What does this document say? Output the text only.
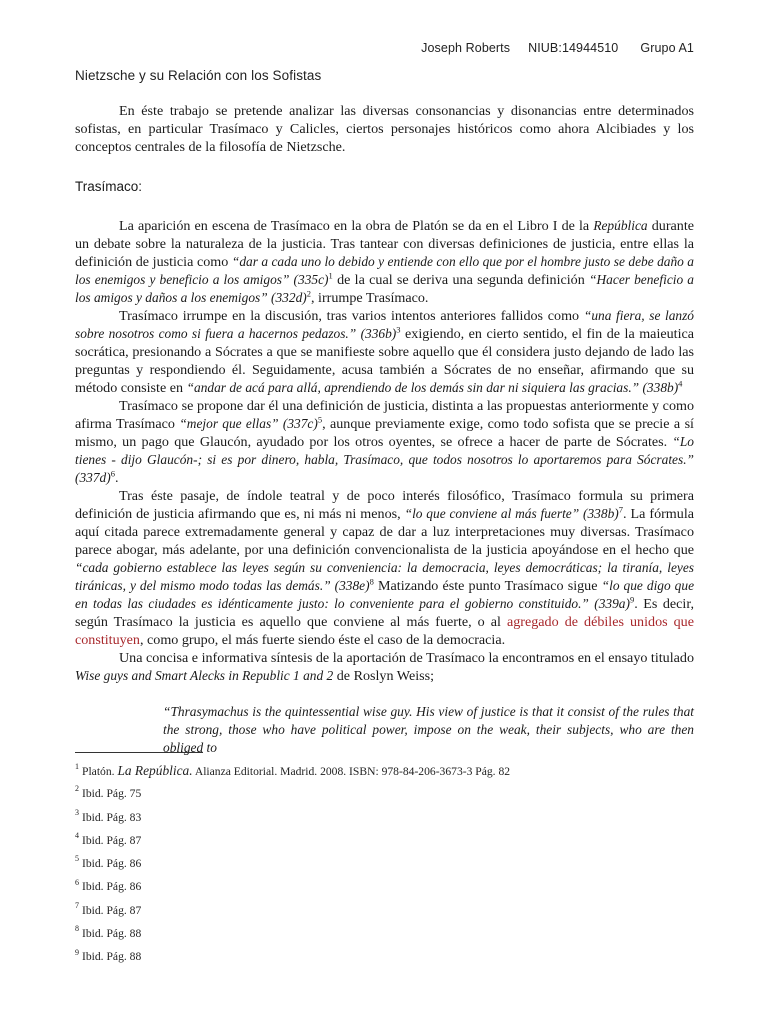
Joseph Roberts NIUB:14944510 Grupo A1
Nietzsche y su Relación con los Sofistas

En éste trabajo se pretende analizar las diversas consonancias y disonancias entre determinados sofistas, en particular Trasímaco y Calicles, ciertos personajes históricos como ahora Alcibiades y los conceptos centrales de la filosofía de Nietzsche.

Trasímaco:

La aparición en escena de Trasímaco en la obra de Platón se da en el Libro I de la República durante un debate sobre la naturaleza de la justicia. Tras tantear con diversas definiciones de justicia, entre ellas la definición de justicia como “dar a cada uno lo debido y entiende con ello que por el hombre justo se debe daño a los enemigos y beneficio a los amigos” $(335c)^1$ de la cual se deriva una segunda definición “Hacer beneficio a los amigos y daños a los enemigos” $(332d)^2$, irrumpe Trasímaco.

Trasímaco irrumpe en la discusión, tras varios intentos anteriores fallidos como “una fiera, se lanzó sobre nosotros como si fuera a hacernos pedazos.” $(336b)^3$ exigiendo, en cierto sentido, el fin de la maieutica socrática, presionando a Sócrates a que se manifieste sobre aquello que él considera justo dejando de lado las preguntas y respondiendo él. Seguidamente, acusa también a Sócrates de no enseñar, afirmando que su método consiste en “andar de acá para allá, aprendiendo de los demás sin dar ni siquiera las gracias.” $(338b)^4$

Trasímaco se propone dar él una definición de justicia, distinta a las propuestas anteriormente y como afirma Trasímaco “mejor que ellas” $(337c)^5$, aunque previamente exige, como todo sofista que se precie a sí mismo, un pago que Glaucón, ayudado por los otros oyentes, se ofrece a hacer de parte de Sócrates. “Lo tienes - dijo Glaucón-; si es por dinero, habla, Trasímaco, que todos nosotros lo aportaremos para Sócrates.” $(337d)^6$.

Tras éste pasaje, de índole teatral y de poco interés filosófico, Trasímaco formula su primera definición de justicia afirmando que es, ni más ni menos, “lo que conviene al más fuerte” $(338b)^7$. La fórmula aquí citada parece extremadamente general y capaz de dar a luz interpretaciones muy diversas. Trasímaco parece abogar, más adelante, por una definición convencionalista de la justicia apoyándose en el hecho que “cada gobierno establece las leyes según su conveniencia: la democracia, leyes democráticas; la tiranía, leyes tiránicas, y del mismo modo todas las demás.” $(338e)^8$ Matizando éste punto Trasímaco sigue “lo que digo que en todas las ciudades es idénticamente justo: lo conveniente para el gobierno constituido.” $(339a)^9$. Es decir, según Trasímaco la justicia es aquello que conviene al más fuerte, o al agregado de débiles unidos que constituyen, como grupo, el más fuerte siendo éste el caso de la democracia.

Una concisa e informativa síntesis de la aportación de Trasímaco la encontramos en el ensayo titulado Wise guys and Smart Alecks in Republic 1 and 2 de Roslyn Weiss;

“Thrasymachus is the quintessential wise guy. His view of justice is that it consist of the rules that the strong, those who have political power, impose on the weak, their subjects, who are then obliged to

$^1$ Platón. La República. Alianza Editorial. Madrid. 2008. ISBN: 978-84-206-3673-3 Pág. 82
$^2$ Ibid. Pág. 75
$^3$ Ibid. Pág. 83
$^4$ Ibid. Pág. 87
$^5$ Ibid. Pág. 86
$^6$ Ibid. Pág. 86
$^7$ Ibid. Pág. 87
$^8$ Ibid. Pág. 88
$^9$ Ibid. Pág. 88
